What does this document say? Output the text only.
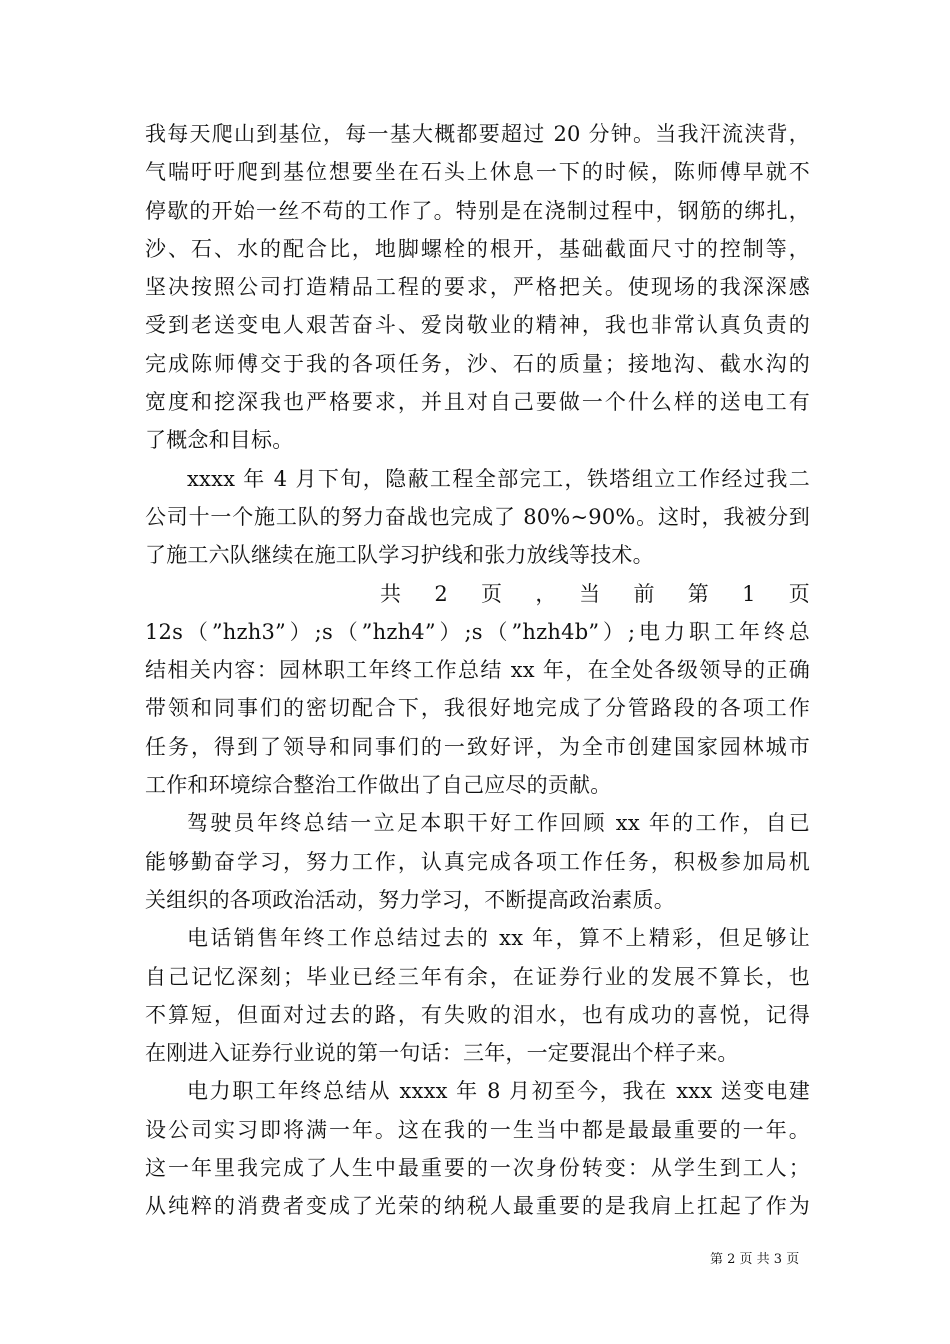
我每天爬山到基位，每一基大概都要超过 20 分钟。当我汗流浃背，
气喘吁吁爬到基位想要坐在石头上休息一下的时候，陈师傅早就不
停歇的开始一丝不苟的工作了。特别是在浇制过程中，钢筋的绑扎，
沙、石、水的配合比，地脚螺栓的根开，基础截面尺寸的控制等，
坚决按照公司打造精品工程的要求，严格把关。使现场的我深深感
受到老送变电人艰苦奋斗、爱岗敬业的精神，我也非常认真负责的
完成陈师傅交于我的各项任务，沙、石的质量；接地沟、截水沟的
宽度和挖深我也严格要求，并且对自己要做一个什么样的送电工有
了概念和目标。
xxxx 年 4 月下旬，隐蔽工程全部完工，铁塔组立工作经过我二
公司十一个施工队的努力奋战也完成了 80%~90%。这时，我被分到
了施工六队继续在施工队学习护线和张力放线等技术。
共　2　页　，　当　前　第　1　页
12s（”hzh3”）;s（”hzh4”）;s（”hzh4b”）;电力职工年终总
结相关内容：园林职工年终工作总结 xx 年，在全处各级领导的正确
带领和同事们的密切配合下，我很好地完成了分管路段的各项工作
任务，得到了领导和同事们的一致好评，为全市创建国家园林城市
工作和环境综合整治工作做出了自己应尽的贡献。
驾驶员年终总结一立足本职干好工作回顾 xx 年的工作，自已
能够勤奋学习，努力工作，认真完成各项工作任务，积极参加局机
关组织的各项政治活动，努力学习，不断提高政治素质。
电话销售年终工作总结过去的 xx 年，算不上精彩，但足够让
自己记忆深刻；毕业已经三年有余，在证券行业的发展不算长，也
不算短，但面对过去的路，有失败的泪水，也有成功的喜悦，记得
在刚进入证券行业说的第一句话：三年，一定要混出个样子来。
电力职工年终总结从 xxxx 年 8 月初至今，我在 xxx 送变电建
设公司实习即将满一年。这在我的一生当中都是最最重要的一年。
这一年里我完成了人生中最重要的一次身份转变：从学生到工人；
从纯粹的消费者变成了光荣的纳税人最重要的是我肩上扛起了作为
第 2 页 共 3 页
